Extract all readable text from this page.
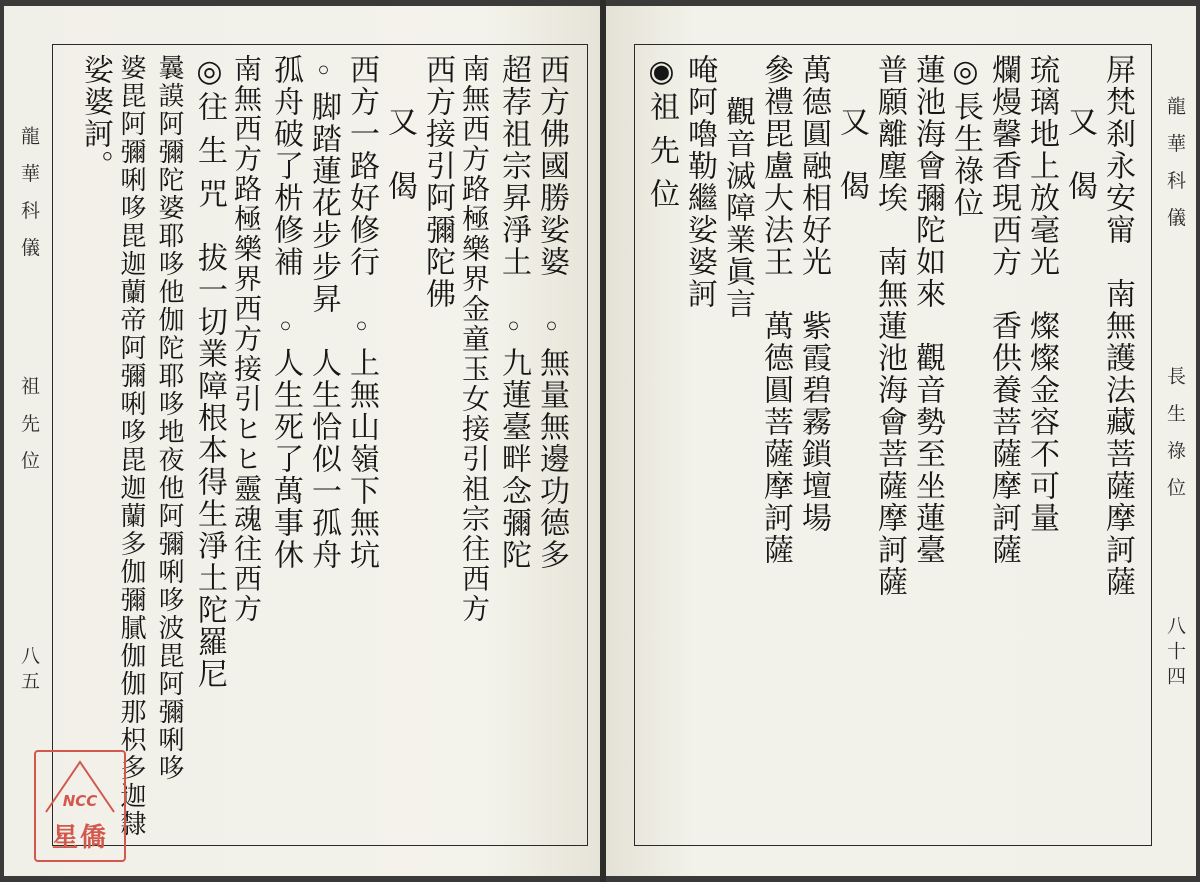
龍 華 科 儀
祖 先 位
八五
西方佛國勝娑婆　◦無量無邊功德多
超荐祖宗昇淨土　◦九蓮臺畔念彌陀
南無西方路極樂界金童玉女接引祖宗往西方
西方接引阿彌陀佛
又　偈
西方一路好修行　◦上無山嶺下無坑
◦脚踏蓮花步步昇　人生恰似一孤舟
孤舟破了㭊修補　◦人生死了萬事休
南無西方路極樂界西方接引ヒヒ靈魂往西方
◎往 生 咒　拔一切業障根本得生淨土陀羅尼
曩謨阿彌陀婆耶哆他伽陀耶哆地夜他阿彌唎哆波毘阿彌唎哆
婆毘阿彌唎哆毘迦蘭帝阿彌唎哆毘迦蘭多伽彌膩伽伽那枳多迦隸
娑婆訶。
NCC
星僑
龍 華 科 儀
長 生 祿 位
八十四
屏梵刹永安甯　南無護法藏菩薩摩訶薩
又　偈
琉璃地上放毫光　燦燦金容不可量
爛熳馨香現西方　香供養菩薩摩訶薩
◎長生祿位
蓮池海會彌陀如來　觀音勢至坐蓮臺
普願離塵埃　南無蓮池海會菩薩摩訶薩
又　偈
萬德圓融相好光　紫霞碧霧鎖壇場
參禮毘盧大法王　萬德圓菩薩摩訶薩
觀音滅障業眞言
唵阿嚕勒繼娑婆訶
◉祖 先 位
